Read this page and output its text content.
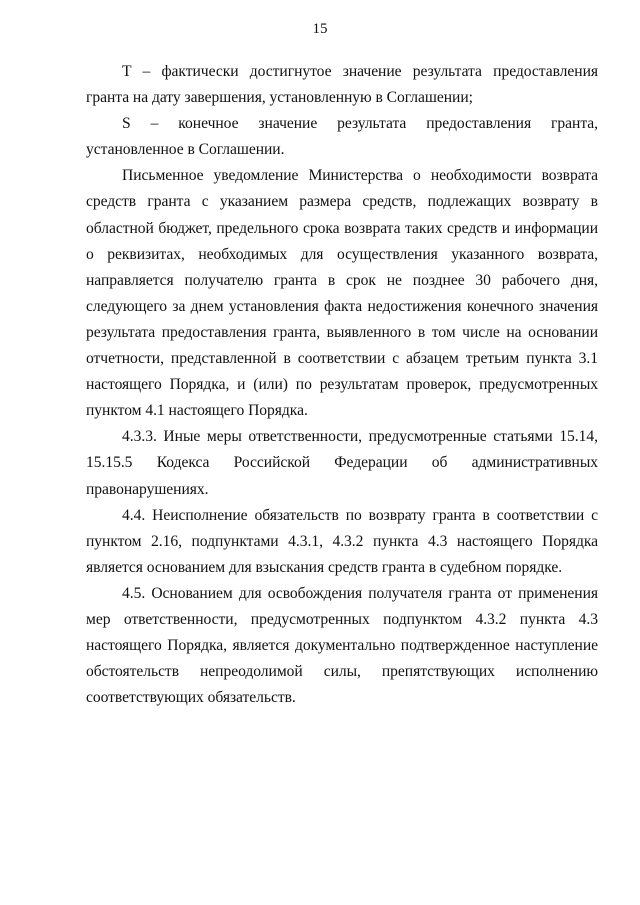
15

T – фактически достигнутое значение результата предоставления гранта на дату завершения, установленную в Соглашении;

S – конечное значение результата предоставления гранта, установленное в Соглашении.

Письменное уведомление Министерства о необходимости возврата средств гранта с указанием размера средств, подлежащих возврату в областной бюджет, предельного срока возврата таких средств и информации о реквизитах, необходимых для осуществления указанного возврата, направляется получателю гранта в срок не позднее 30 рабочего дня, следующего за днем установления факта недостижения конечного значения результата предоставления гранта, выявленного в том числе на основании отчетности, представленной в соответствии с абзацем третьим пункта 3.1 настоящего Порядка, и (или) по результатам проверок, предусмотренных пунктом 4.1 настоящего Порядка.

4.3.3. Иные меры ответственности, предусмотренные статьями 15.14, 15.15.5 Кодекса Российской Федерации об административных правонарушениях.

4.4. Неисполнение обязательств по возврату гранта в соответствии с пунктом 2.16, подпунктами 4.3.1, 4.3.2 пункта 4.3 настоящего Порядка является основанием для взыскания средств гранта в судебном порядке.

4.5. Основанием для освобождения получателя гранта от применения мер ответственности, предусмотренных подпунктом 4.3.2 пункта 4.3 настоящего Порядка, является документально подтвержденное наступление обстоятельств непреодолимой силы, препятствующих исполнению соответствующих обязательств.
